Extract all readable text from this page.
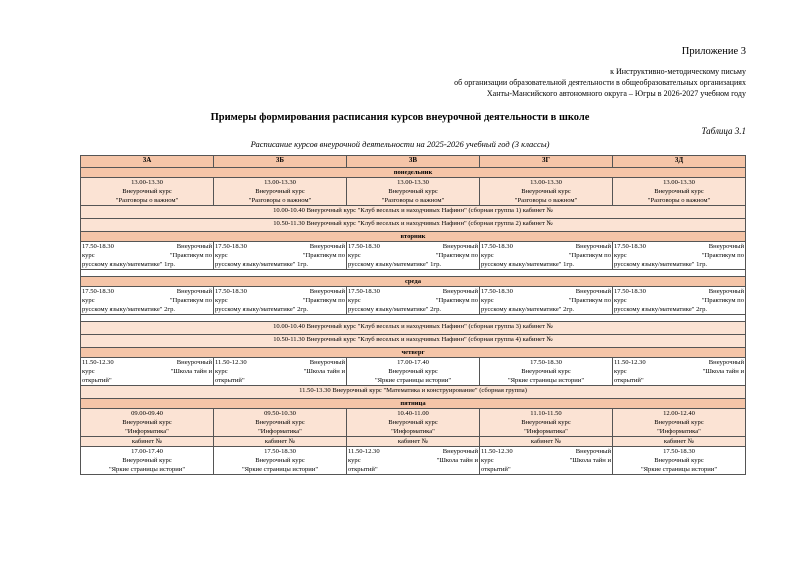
Приложение 3
к Инструктивно-методическому письму
об организации образовательной деятельности в общеобразовательных организациях
Ханты-Мансийского автономного округа – Югры в 2026-2027 учебном году
Примеры формирования расписания курсов внеурочной деятельности в школе
Таблица 3.1
Расписание курсов внеурочной деятельности на 2025-2026 учебный год (3 классы)
3А	3Б	3В	3Г	3Д
понедельник				

13.00-13.30
Внеурочный курс
"Разговоры о важном"	13.00-13.30
Внеурочный курс
"Разговоры о важном"	13.00-13.30
Внеурочный курс
"Разговоры о важном"	13.00-13.30
Внеурочный курс
"Разговоры о важном"	13.00-13.30
Внеурочный курс
"Разговоры о важном"

10.00-10.40 Внеурочный курс "Клуб веселых и находчивых Нафинн" (сборная группа 1) кабинет №				
10.50-11.30 Внеурочный курс "Клуб веселых и находчивых Нафинн" (сборная группа 2) кабинет №				
вторник				

17.50-18.30 Внеурочный
курс "Практикум по
русскому языку/математике" 1гр.	17.50-18.30 Внеурочный
курс "Практикум по
русскому языку/математике" 1гр.	17.50-18.30 Внеурочный
курс "Практикум по
русскому языку/математике" 1гр.	17.50-18.30 Внеурочный
курс "Практикум по
русскому языку/математике" 1гр.	17.50-18.30 Внеурочный
курс "Практикум по
русскому языку/математике" 1гр.

среда				

17.50-18.30 Внеурочный
курс "Практикум по
русскому языку/математике" 2гр.	17.50-18.30 Внеурочный
курс "Практикум по
русскому языку/математике" 2гр.	17.50-18.30 Внеурочный
курс "Практикум по
русскому языку/математике" 2гр.	17.50-18.30 Внеурочный
курс "Практикум по
русскому языку/математике" 2гр.	17.50-18.30 Внеурочный
курс "Практикум по
русскому языку/математике" 2гр.

10.00-10.40 Внеурочный курс "Клуб веселых и находчивых Нафинн" (сборная группа 3) кабинет №				
10.50-11.30 Внеурочный курс "Клуб веселых и находчивых Нафинн" (сборная группа 4) кабинет №				
четверг				

11.50-12.30 Внеурочный
курс "Школа тайн и
открытий"	11.50-12.30 Внеурочный
курс "Школа тайн и
открытий"	17.00-17.40
Внеурочный курс
"Яркие страницы истории"	17.50-18.30
Внеурочный курс
"Яркие страницы истории"	11.50-12.30 Внеурочный
курс "Школа тайн и
открытий"

11.50-13.30 Внеурочный курс "Математика и конструирование" (сборная группа)				
пятница				

09.00-09.40
Внеурочный курс
"Информатика"	09.50-10.30
Внеурочный курс
"Информатика"	10.40-11.00
Внеурочный курс
"Информатика"	11.10-11.50
Внеурочный курс
"Информатика"	12.00-12.40
Внеурочный курс
"Информатика"

кабинет №	кабинет №	кабинет №	кабинет №	кабинет №

17.00-17.40
Внеурочный курс
"Яркие страницы истории"	17.50-18.30
Внеурочный курс
"Яркие страницы истории"	11.50-12.30 Внеурочный
курс "Школа тайн и
открытий"	11.50-12.30 Внеурочный
курс "Школа тайн и
открытий"	17.50-18.30
Внеурочный курс
"Яркие страницы истории"
